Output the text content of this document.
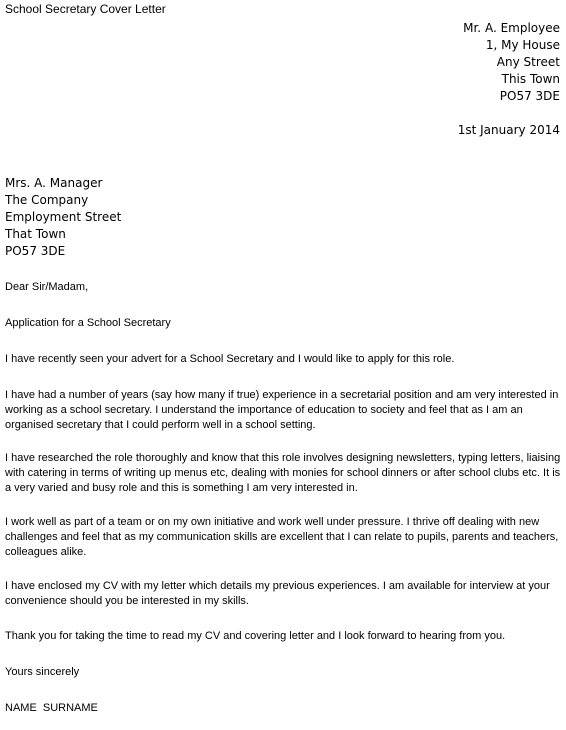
School Secretary Cover Letter
Mr. A. Employee
1, My House
Any Street
This Town
PO57 3DE
1st January 2014
Mrs. A. Manager
The Company
Employment Street
That Town
PO57 3DE
Dear Sir/Madam,
Application for a School Secretary
I have recently seen your advert for a School Secretary and I would like to apply for this role.
I have had a number of years (say how many if true) experience in a secretarial position and am very interested in working as a school secretary. I understand the importance of education to society and feel that as I am an organised secretary that I could perform well in a school setting.
I have researched the role thoroughly and know that this role involves designing newsletters, typing letters, liaising with catering in terms of writing up menus etc, dealing with monies for school dinners or after school clubs etc. It is a very varied and busy role and this is something I am very interested in.
I work well as part of a team or on my own initiative and work well under pressure. I thrive off dealing with new challenges and feel that as my communication skills are excellent that I can relate to pupils, parents and teachers, colleagues alike.
I have enclosed my CV with my letter which details my previous experiences. I am available for interview at your convenience should you be interested in my skills.
Thank you for taking the time to read my CV and covering letter and I look forward to hearing from you.
Yours sincerely
NAME  SURNAME
